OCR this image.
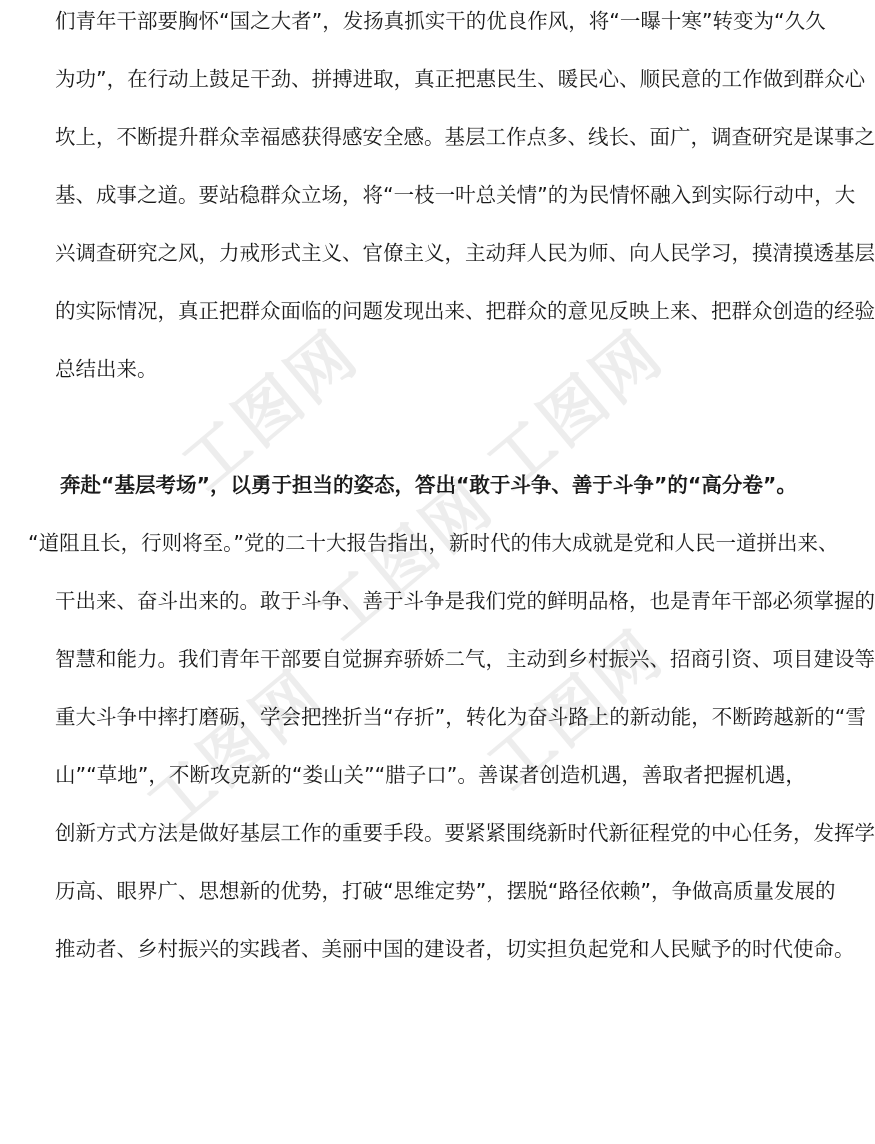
工图网 工图网
工图网
工图网
工图网
们青年干部要胸怀“国之大者”，发扬真抓实干的优良作风，将“一曝十寒”转变为“久久
为功”，在行动上鼓足干劲、拼搏进取，真正把惠民生、暖民心、顺民意的工作做到群众心
坎上，不断提升群众幸福感获得感安全感。基层工作点多、线长、面广，调查研究是谋事之
基、成事之道。要站稳群众立场，将“一枝一叶总关情”的为民情怀融入到实际行动中，大
兴调查研究之风，力戒形式主义、官僚主义，主动拜人民为师、向人民学习，摸清摸透基层
的实际情况，真正把群众面临的问题发现出来、把群众的意见反映上来、把群众创造的经验
总结出来。
奔赴“基层考场”，以勇于担当的姿态，答出“敢于斗争、善于斗争”的“高分卷”。
“道阻且长，行则将至。”党的二十大报告指出，新时代的伟大成就是党和人民一道拼出来、
干出来、奋斗出来的。敢于斗争、善于斗争是我们党的鲜明品格，也是青年干部必须掌握的
智慧和能力。我们青年干部要自觉摒弃骄娇二气，主动到乡村振兴、招商引资、项目建设等
重大斗争中摔打磨砺，学会把挫折当“存折”，转化为奋斗路上的新动能，不断跨越新的“雪
山”“草地”，不断攻克新的“娄山关”“腊子口”。善谋者创造机遇，善取者把握机遇，
创新方式方法是做好基层工作的重要手段。要紧紧围绕新时代新征程党的中心任务，发挥学
历高、眼界广、思想新的优势，打破“思维定势”，摆脱“路径依赖”，争做高质量发展的
推动者、乡村振兴的实践者、美丽中国的建设者，切实担负起党和人民赋予的时代使命。
